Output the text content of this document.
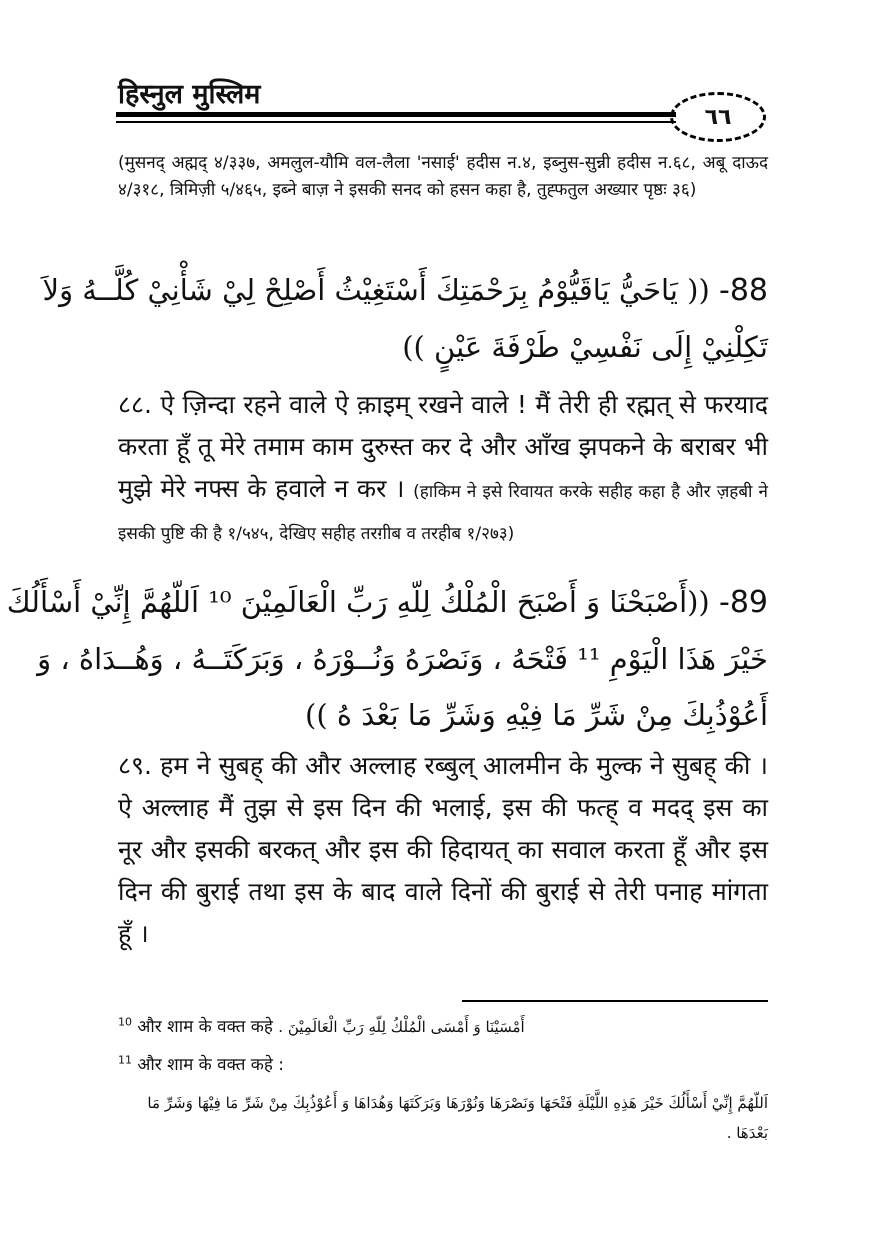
हिस्नुल मुस्लिम
٦٦
(मुसनद् अह्मद् ४/३३७, अमलुल-यौमि वल-लैला 'नसाई' हदीस न.४, इब्नुस-सुन्नी हदीस न.६८, अबू दाऊद ४/३१८, त्रिमिज़ी ५/४६५, इब्ने बाज़ ने इसकी सनद को हसन कहा है, तुह्फतुल अख्यार पृष्ठः ३६)
88- (( يَاحَيُّ يَاقَيُّوْمُ بِرَحْمَتِكَ أَسْتَغِيْثُ أَصْلِحْ لِيْ شَأْنِيْ كُلَّــهُ وَلاَ
تَكِلْنِيْ إِلَى نَفْسِيْ طَرْفَةَ عَيْنٍ ))
८८. ऐ ज़िन्दा रहने वाले ऐ क़ाइम् रखने वाले ! मैं तेरी ही रह्मत् से फरयाद करता हूँ तू मेरे तमाम काम दुरुस्त कर दे और आँख झपकने के बराबर भी मुझे मेरे नफ्स के हवाले न कर । (हाकिम ने इसे रिवायत करके सहीह कहा है और ज़हबी ने इसकी पुष्टि की है १/५४५, देखिए सहीह तरग़ीब व तरहीब १/२७३)
89- ((أَصْبَحْنَا وَ أَصْبَحَ الْمُلْكُ لِلّهِ رَبِّ الْعَالَمِيْنَ ¹⁰ اَللّهُمَّ إِنِّيْ أَسْأَلُكَ
خَيْرَ هَذَا الْيَوْمِ ¹¹ فَتْحَهُ ، وَنَصْرَهُ وَنُــوْرَهُ ، وَبَرَكَتَــهُ ، وَهُــدَاهُ ، وَ
أَعُوْذُبِكَ مِنْ شَرِّ مَا فِيْهِ وَشَرِّ مَا بَعْدَ هُ ))
८९. हम ने सुबह् की और अल्लाह रब्बुल् आलमीन के मुल्क ने सुबह् की । ऐ अल्लाह मैं तुझ से इस दिन की भलाई, इस की फत्ह् व मदद् इस का नूर और इसकी बरकत् और इस की हिदायत् का सवाल करता हूँ और इस दिन की बुराई तथा इस के बाद वाले दिनों की बुराई से तेरी पनाह मांगता हूँ ।
$^{10}$ और शाम के वक्त कहे أَمْسَيْنَا وَ أَمْسَى الْمُلْكُ لِلّهِ رَبِّ الْعَالَمِيْنَ .
$^{11}$ और शाम के वक्त कहे :
اَللّهُمَّ إِنِّيْ أَسْأَلُكَ خَيْرَ هَذِهِ اللَّيْلَةِ فَتْحَهَا وَنَصْرَهَا وَنُوْرَهَا وَبَرَكَتَهَا وَهُدَاهَا وَ أَعُوْذُبِكَ مِنْ شَرِّ مَا فِيْهَا وَشَرِّ مَا بَعْدَهَا .
